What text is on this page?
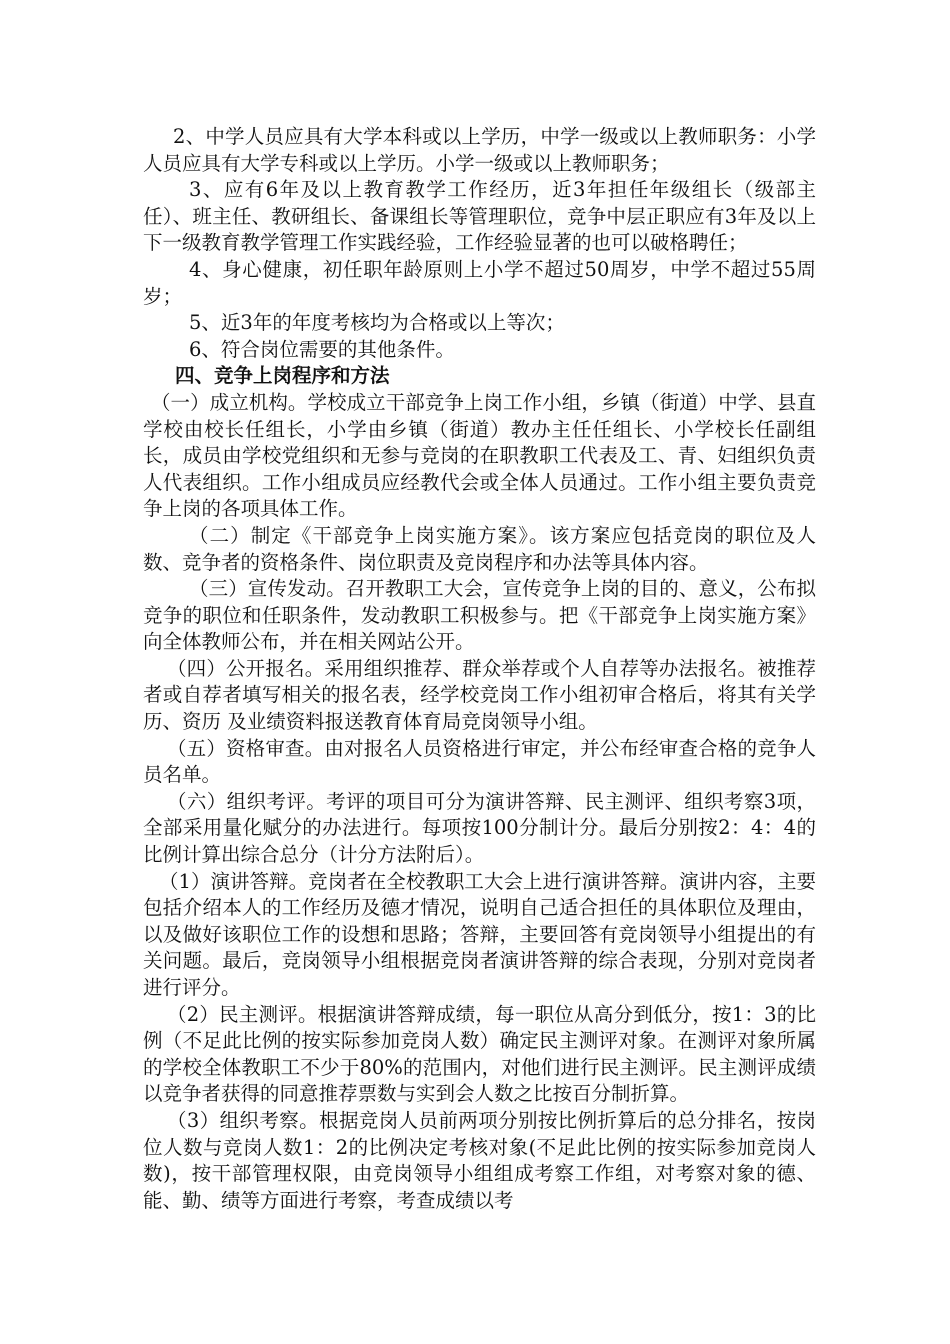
2、中学人员应具有大学本科或以上学历，中学一级或以上教师职务：小学人员应具有大学专科或以上学历。小学一级或以上教师职务；

3、应有6年及以上教育教学工作经历，近3年担任年级组长（级部主任）、班主任、教研组长、备课组长等管理职位，竞争中层正职应有3年及以上下一级教育教学管理工作实践经验，工作经验显著的也可以破格聘任；

4、身心健康，初任职年龄原则上小学不超过50周岁，中学不超过55周岁；

5、近3年的年度考核均为合格或以上等次；

6、符合岗位需要的其他条件。

四、竞争上岗程序和方法

（一）成立机构。学校成立干部竞争上岗工作小组，乡镇（街道）中学、县直学校由校长任组长，小学由乡镇（街道）教办主任任组长、小学校长任副组长，成员由学校党组织和无参与竞岗的在职教职工代表及工、青、妇组织负责人代表组织。工作小组成员应经教代会或全体人员通过。工作小组主要负责竞争上岗的各项具体工作。

（二）制定《干部竞争上岗实施方案》。该方案应包括竞岗的职位及人数、竞争者的资格条件、岗位职责及竞岗程序和办法等具体内容。

（三）宣传发动。召开教职工大会，宣传竞争上岗的目的、意义，公布拟竞争的职位和任职条件，发动教职工积极参与。把《干部竞争上岗实施方案》向全体教师公布，并在相关网站公开。

（四）公开报名。采用组织推荐、群众举荐或个人自荐等办法报名。被推荐者或自荐者填写相关的报名表，经学校竞岗工作小组初审合格后，将其有关学历、资历 及业绩资料报送教育体育局竞岗领导小组。

（五）资格审查。由对报名人员资格进行审定，并公布经审查合格的竞争人员名单。

（六）组织考评。考评的项目可分为演讲答辩、民主测评、组织考察3项，全部采用量化赋分的办法进行。每项按100分制计分。最后分别按2：4：4的比例计算出综合总分（计分方法附后）。

（1）演讲答辩。竞岗者在全校教职工大会上进行演讲答辩。演讲内容，主要包括介绍本人的工作经历及德才情况，说明自己适合担任的具体职位及理由，以及做好该职位工作的设想和思路；答辩，主要回答有竞岗领导小组提出的有关问题。最后，竞岗领导小组根据竞岗者演讲答辩的综合表现，分别对竞岗者进行评分。

（2）民主测评。根据演讲答辩成绩，每一职位从高分到低分，按1：3的比例（不足此比例的按实际参加竞岗人数）确定民主测评对象。在测评对象所属的学校全体教职工不少于80%的范围内，对他们进行民主测评。民主测评成绩以竞争者获得的同意推荐票数与实到会人数之比按百分制折算。

（3）组织考察。根据竞岗人员前两项分别按比例折算后的总分排名，按岗位人数与竞岗人数1：2的比例决定考核对象(不足此比例的按实际参加竞岗人数)，按干部管理权限，由竞岗领导小组组成考察工作组，对考察对象的德、能、勤、绩等方面进行考察，考查成绩以考
